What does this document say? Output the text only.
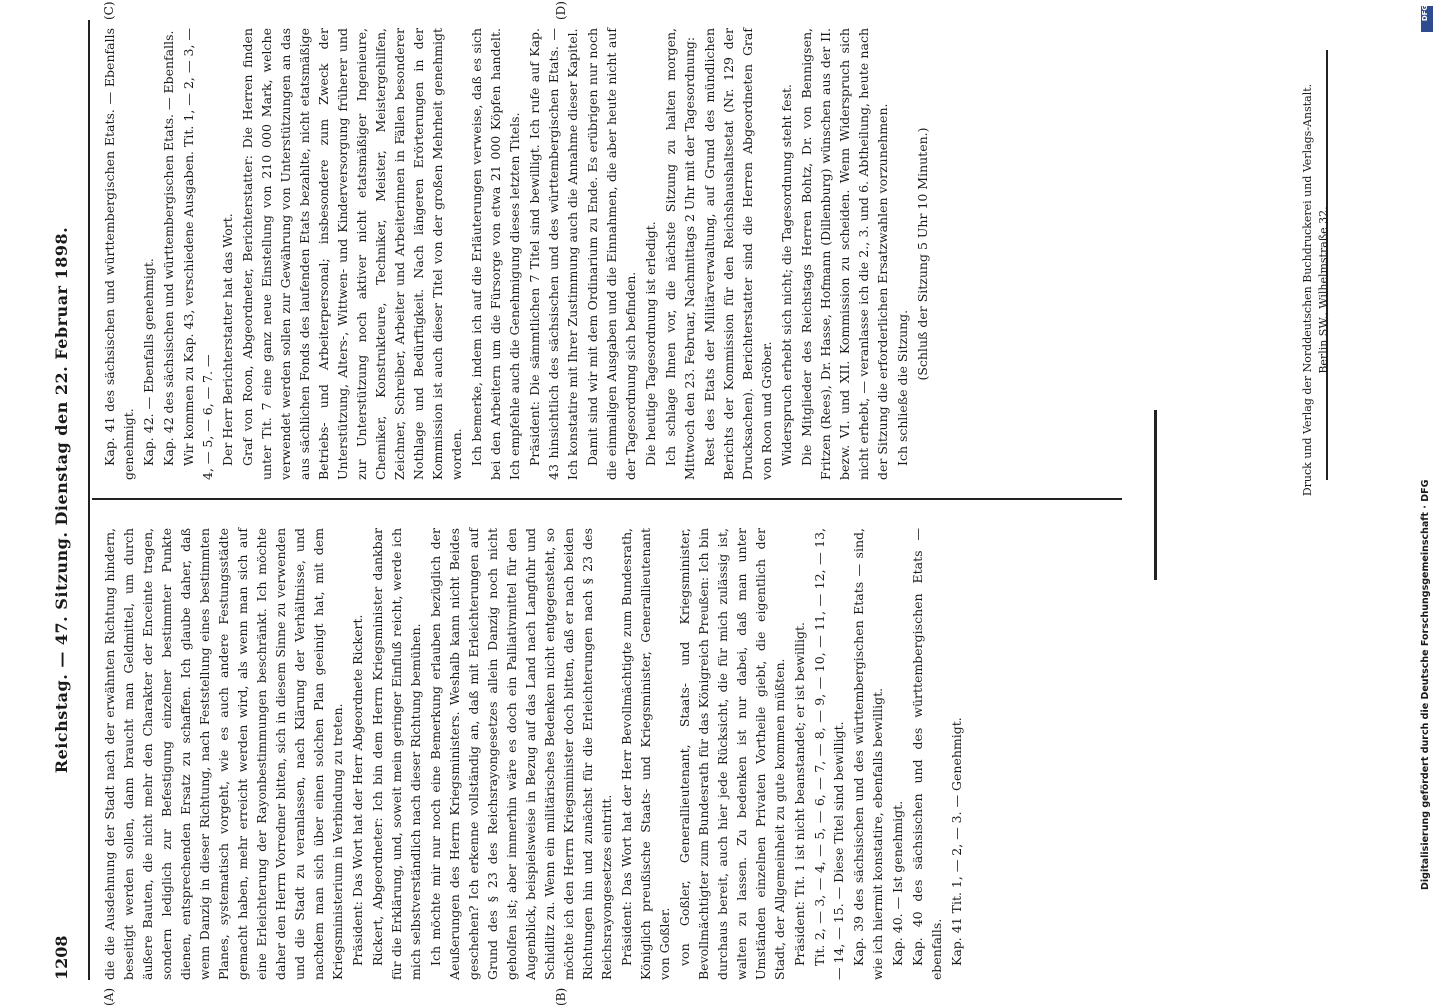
1208
Reichstag. — 47. Sitzung. Dienstag den 22. Februar 1898.
(A)	(B)

die die Ausdehnung der Stadt nach der erwähnten Richtung hindern, beseitigt werden sollen, dann braucht man Geldmittel, um durch äußere Bauten, die nicht mehr den Charakter der Enceinte tragen, sondern lediglich zur Befestigung einzelner bestimmter Punkte dienen, entsprechenden Ersatz zu schaffen. Ich glaube daher, daß wenn Danzig in dieser Richtung, nach Feststellung eines bestimmten Planes, systematisch vorgeht, wie es auch andere Festungsstädte gemacht haben, mehr erreicht werden wird, als wenn man sich auf eine Erleichterung der Rayonbestimmungen beschränkt. Ich möchte daher den Herrn Vorredner bitten, sich in diesem Sinne zu verwenden und die Stadt zu veranlassen, nach Klärung der Verhältnisse, und nachdem man sich über einen solchen Plan geeinigt hat, mit dem Kriegsministerium in Verbindung zu treten. Präsident: Das Wort hat der Herr Abgeordnete Rickert. Rickert, Abgeordneter: Ich bin dem Herrn Kriegsminister dankbar für die Erklärung, und, soweit mein geringer Einfluß reicht, werde ich mich selbstverständlich nach dieser Richtung bemühen. Ich möchte mir nur noch eine Bemerkung erlauben bezüglich der Aeußerungen des Herrn Kriegsministers. Weshalb kann nicht Beides geschehen? Ich erkenne vollständig an, daß mit Erleichterungen auf Grund des § 23 des Reichsrayongesetzes allein Danzig noch nicht geholfen ist; aber immerhin wäre es doch ein Palliativmittel für den Augenblick, beispielsweise in Bezug auf das Land nach Langfuhr und Schidlitz zu. Wenn ein militärisches Bedenken nicht entgegensteht, so möchte ich den Herrn Kriegsminister doch bitten, daß er nach beiden Richtungen hin und zunächst für die Erleichterungen nach § 23 des Reichsrayongesetzes eintritt. Präsident: Das Wort hat der Herr Bevollmächtigte zum Bundesrath, Königlich preußische Staats- und Kriegsminister, Generallieutenant von Goßler. von Goßler, Generallieutenant, Staats- und Kriegsminister, Bevollmächtigter zum Bundesrath für das Königreich Preußen: Ich bin durchaus bereit, auch hier jede Rücksicht, die für mich zulässig ist, walten zu lassen. Zu bedenken ist nur dabei, daß man unter Umständen einzelnen Privaten Vortheile giebt, die eigentlich der Stadt, der Allgemeinheit zu gute kommen müßten. Präsident: Tit. 1 ist nicht beanstandet; er ist bewilligt. Tit. 2, — 3, — 4, — 5, — 6, — 7, — 8, — 9, — 10, — 11, — 12, — 13, — 14, — 15. — Diese Titel sind bewilligt. Kap. 39 des sächsischen und des württembergischen Etats — sind, wie ich hiermit konstatire, ebenfalls bewilligt. Kap. 40. — Ist genehmigt. Kap. 40 des sächsischen und des württembergischen Etats — ebenfalls. Kap. 41 Tit. 1, — 2, — 3. — Genehmigt.

(C)	(D)

Kap. 41 des sächsischen und württembergischen Etats. — Ebenfalls genehmigt. Kap. 42. — Ebenfalls genehmigt. Kap. 42 des sächsischen und württembergischen Etats. — Ebenfalls. Wir kommen zu Kap. 43, verschiedene Ausgaben. Tit. 1, — 2, — 3, — 4, — 5, — 6, — 7. — Der Herr Berichterstatter hat das Wort. Graf von Roon, Abgeordneter, Berichterstatter: Die Herren finden unter Tit. 7 eine ganz neue Einstellung von 210 000 Mark, welche verwendet werden sollen zur Gewährung von Unterstützungen an das aus sächlichen Fonds des laufenden Etats bezahlte, nicht etatsmäßige Betriebs- und Arbeiterpersonal; insbesondere zum Zweck der Unterstützung, Alters-, Wittwen- und Kinderversorgung früherer und zur Unterstützung noch aktiver nicht etatsmäßiger Ingenieure, Chemiker, Konstrukteure, Techniker, Meister, Meistergehilfen, Zeichner, Schreiber, Arbeiter und Arbeiterinnen in Fällen besonderer Nothlage und Bedürftigkeit. Nach längeren Erörterungen in der Kommission ist auch dieser Titel von der großen Mehrheit genehmigt worden. Ich bemerke, indem ich auf die Erläuterungen verweise, daß es sich bei den Arbeitern um die Fürsorge von etwa 21 000 Köpfen handelt. Ich empfehle auch die Genehmigung dieses letzten Titels. Präsident: Die sämmtlichen 7 Titel sind bewilligt. Ich rufe auf Kap. 43 hinsichtlich des sächsischen und des württembergischen Etats. — Ich konstatire mit Ihrer Zustimmung auch die Annahme dieser Kapitel. Damit sind wir mit dem Ordinarium zu Ende. Es erübrigen nur noch die einmaligen Ausgaben und die Einnahmen, die aber heute nicht auf der Tagesordnung sich befinden. Die heutige Tagesordnung ist erledigt. Ich schlage Ihnen vor, die nächste Sitzung zu halten morgen, Mittwoch den 23. Februar, Nachmittags 2 Uhr mit der Tagesordnung: Rest des Etats der Militärverwaltung, auf Grund des mündlichen Berichts der Kommission für den Reichshaushaltsetat (Nr. 129 der Drucksachen). Berichterstatter sind die Herren Abgeordneten Graf von Roon und Gröber. Widerspruch erhebt sich nicht; die Tagesordnung steht fest. Die Mitglieder des Reichstags Herren Bohtz, Dr. von Bennigsen, Fritzen (Rees), Dr. Hasse, Hofmann (Dillenburg) wünschen aus der II. bezw. VI. und XII. Kommission zu scheiden. Wenn Widerspruch sich nicht erhebt, — veranlasse ich die 2., 3. und 6. Abtheilung, heute nach der Sitzung die erforderlichen Ersatzwahlen vorzunehmen. Ich schließe die Sitzung.

(Schluß der Sitzung 5 Uhr 10 Minuten.)	Druck und Verlag der Norddeutschen Buchdruckerei und Verlags-Anstalt. Berlin SW., Wilhelmstraße 32.
DFG
Digitalisierung gefördert durch die Deutsche Forschungsgemeinschaft · DFG
